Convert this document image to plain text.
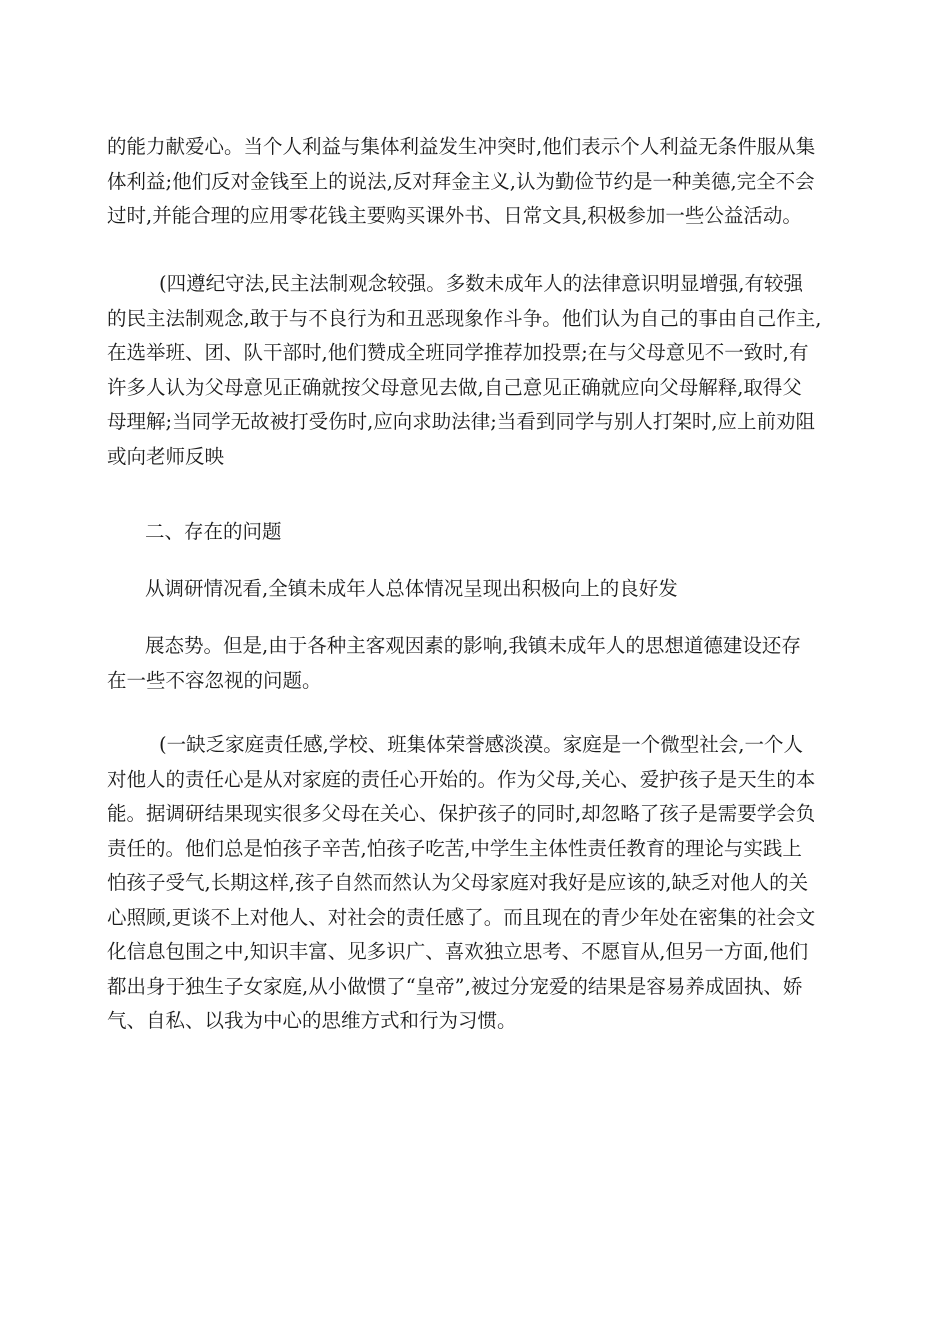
的能力献爱心。当个人利益与集体利益发生冲突时,他们表示个人利益无条件服从集
体利益;他们反对金钱至上的说法,反对拜金主义,认为勤俭节约是一种美德,完全不会
过时,并能合理的应用零花钱主要购买课外书、日常文具,积极参加一些公益活动。
(四遵纪守法,民主法制观念较强。多数未成年人的法律意识明显增强,有较强
的民主法制观念,敢于与不良行为和丑恶现象作斗争。他们认为自己的事由自己作主,
在选举班、团、队干部时,他们赞成全班同学推荐加投票;在与父母意见不一致时,有
许多人认为父母意见正确就按父母意见去做,自己意见正确就应向父母解释,取得父
母理解;当同学无故被打受伤时,应向求助法律;当看到同学与别人打架时,应上前劝阻
或向老师反映
二、存在的问题
从调研情况看,全镇未成年人总体情况呈现出积极向上的良好发
展态势。但是,由于各种主客观因素的影响,我镇未成年人的思想道德建设还存
在一些不容忽视的问题。
(一缺乏家庭责任感,学校、班集体荣誉感淡漠。家庭是一个微型社会,一个人
对他人的责任心是从对家庭的责任心开始的。作为父母,关心、爱护孩子是天生的本
能。据调研结果现实很多父母在关心、保护孩子的同时,却忽略了孩子是需要学会负
责任的。他们总是怕孩子辛苦,怕孩子吃苦,中学生主体性责任教育的理论与实践上
怕孩子受气,长期这样,孩子自然而然认为父母家庭对我好是应该的,缺乏对他人的关
心照顾,更谈不上对他人、对社会的责任感了。而且现在的青少年处在密集的社会文
化信息包围之中,知识丰富、见多识广、喜欢独立思考、不愿盲从,但另一方面,他们
都出身于独生子女家庭,从小做惯了“皇帝”,被过分宠爱的结果是容易养成固执、娇
气、自私、以我为中心的思维方式和行为习惯。
